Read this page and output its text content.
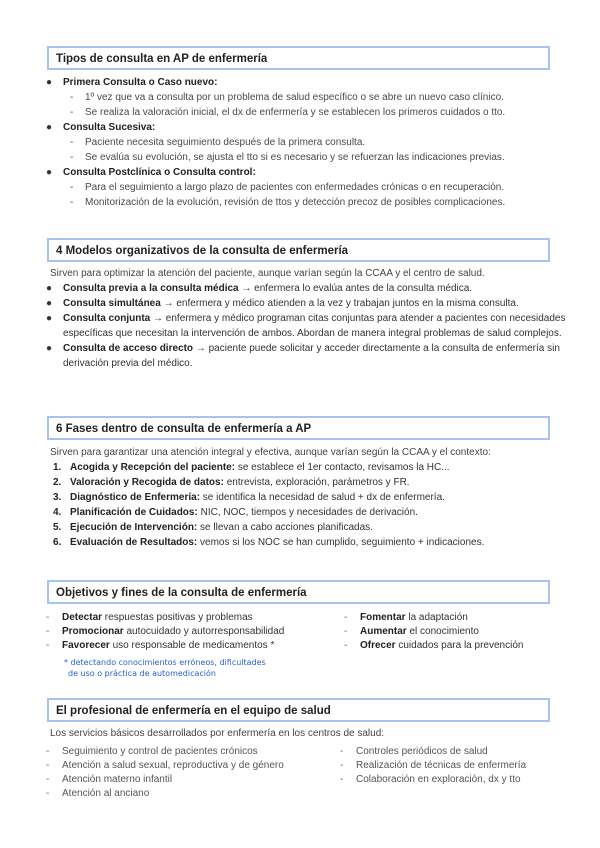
Tipos de consulta en AP de enfermería
● Primera Consulta o Caso nuevo:
- 1º vez que va a consulta por un problema de salud específico o se abre un nuevo caso clínico.
- Se realiza la valoración inicial, el dx de enfermería y se establecen los primeros cuidados o tto.
● Consulta Sucesiva:
- Paciente necesita seguimiento después de la primera consulta.
- Se evalúa su evolución, se ajusta el tto si es necesario y se refuerzan las indicaciones previas.
● Consulta Postclínica o Consulta control:
- Para el seguimiento a largo plazo de pacientes con enfermedades crónicas o en recuperación.
- Monitorización de la evolución, revisión de ttos y detección precoz de posibles complicaciones.
4 Modelos organizativos de la consulta de enfermería
Sirven para optimizar la atención del paciente, aunque varían según la CCAA y el centro de salud.
● Consulta previa a la consulta médica → enfermera lo evalúa antes de la consulta médica.
● Consulta simultánea → enfermera y médico atienden a la vez y trabajan juntos en la misma consulta.
● Consulta conjunta → enfermera y médico programan citas conjuntas para atender a pacientes con necesidades específicas que necesitan la intervención de ambos. Abordan de manera integral problemas de salud complejos.
● Consulta de acceso directo → paciente puede solicitar y acceder directamente a la consulta de enfermería sin derivación previa del médico.
6 Fases dentro de consulta de enfermería a AP
Sirven para garantizar una atención integral y efectiva, aunque varían según la CCAA y el contexto:
1. Acogida y Recepción del paciente: se establece el 1er contacto, revisamos la HC...
2. Valoración y Recogida de datos: entrevista, exploración, parámetros y FR.
3. Diagnóstico de Enfermería: se identifica la necesidad de salud + dx de enfermería.
4. Planificación de Cuidados: NIC, NOC, tiempos y necesidades de derivación.
5. Ejecución de Intervención: se llevan a cabo acciones planificadas.
6. Evaluación de Resultados: vemos si los NOC se han cumplido, seguimiento + indicaciones.
Objetivos y fines de la consulta de enfermería
- Detectar respuestas positivas y problemas
- Promocionar autocuidado y autorresponsabilidad
- Favorecer uso responsable de medicamentos *
* detectando conocimientos erróneos, dificultades
de uso o práctica de automedicación
- Fomentar la adaptación
- Aumentar el conocimiento
- Ofrecer cuidados para la prevención
El profesional de enfermería en el equipo de salud
Los servicios básicos desarrollados por enfermería en los centros de salud:
- Seguimiento y control de pacientes crónicos
- Atención a salud sexual, reproductiva y de género
- Atención materno infantil
- Atención al anciano
- Controles periódicos de salud
- Realización de técnicas de enfermería
- Colaboración en exploración, dx y tto
